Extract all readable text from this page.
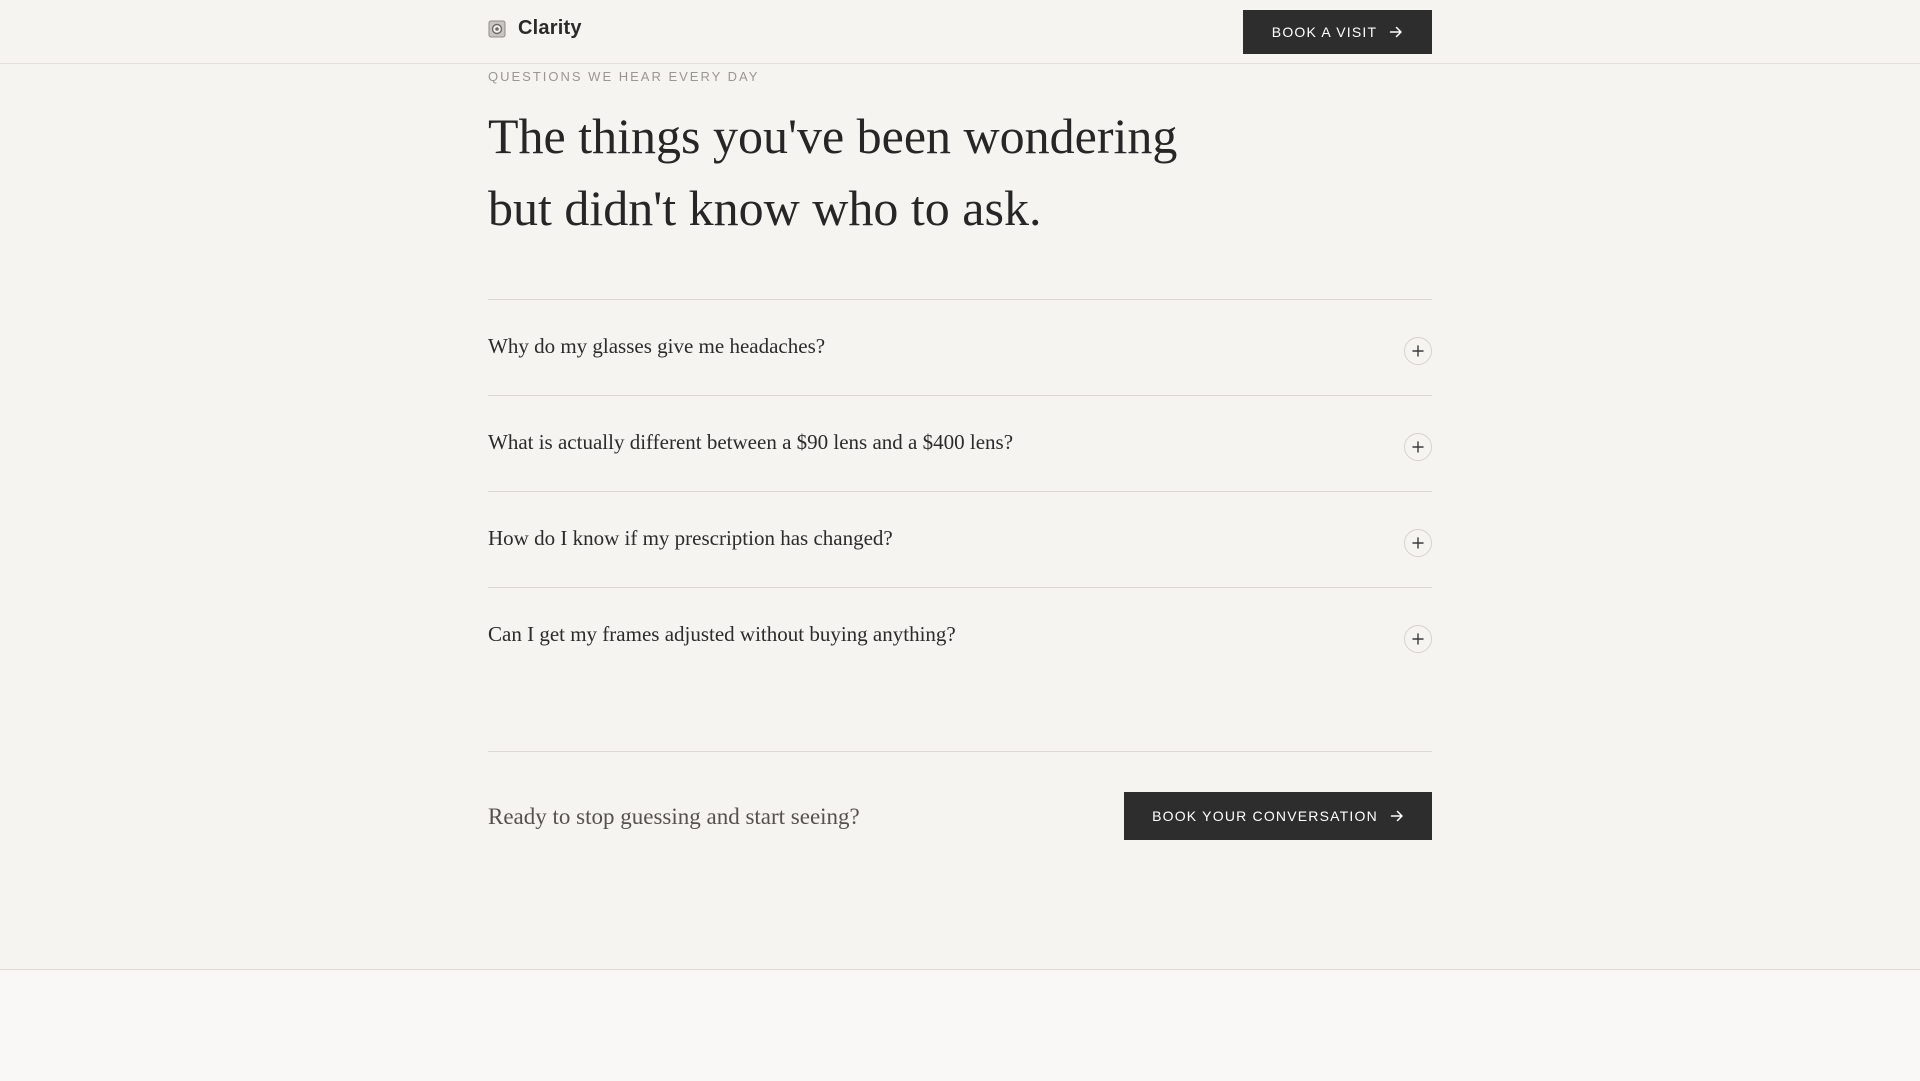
Clarity	BOOK A VISIT
QUESTIONS WE HEAR EVERY DAY
The things you've been wondering but didn't know who to ask.
Why do my glasses give me headaches?
What is actually different between a $90 lens and a $400 lens?
How do I know if my prescription has changed?
Can I get my frames adjusted without buying anything?
Ready to stop guessing and start seeing?	BOOK YOUR CONVERSATION
